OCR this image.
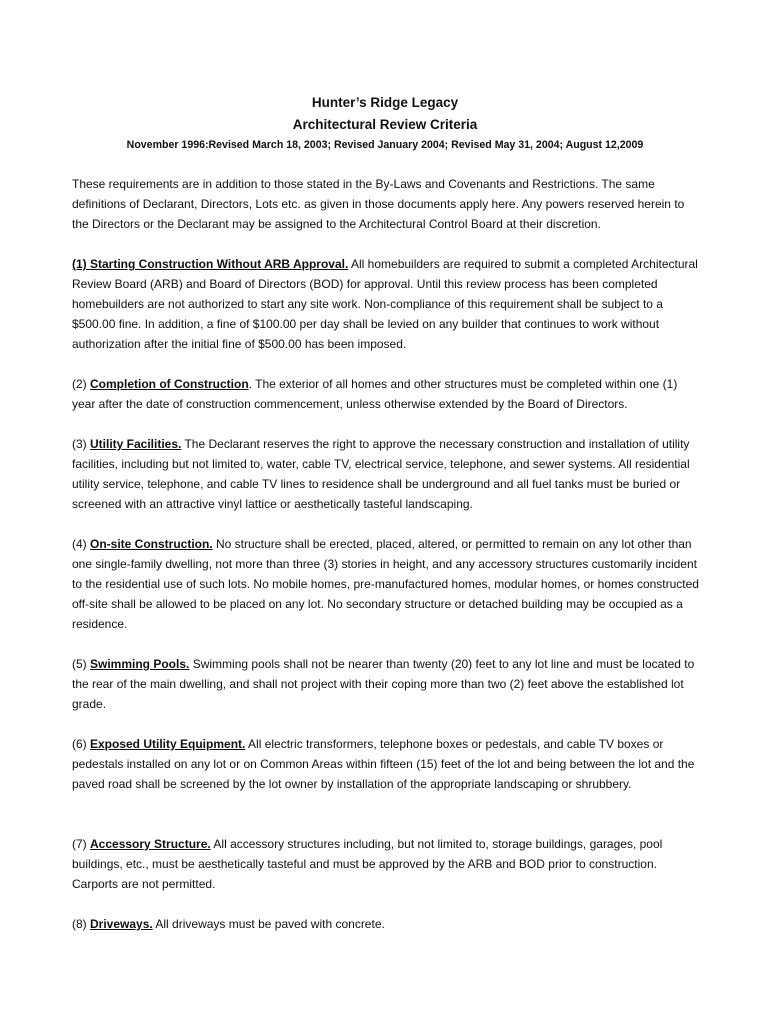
Hunter’s Ridge Legacy
Architectural Review Criteria
November 1996:Revised March 18, 2003; Revised January 2004; Revised May 31, 2004; August 12,2009
These requirements are in addition to those stated in the By-Laws and Covenants and Restrictions. The same definitions of Declarant, Directors, Lots etc. as given in those documents apply here. Any powers reserved herein to the Directors or the Declarant may be assigned to the Architectural Control Board at their discretion.
(1) Starting Construction Without ARB Approval. All homebuilders are required to submit a completed Architectural Review Board (ARB) and Board of Directors (BOD) for approval. Until this review process has been completed homebuilders are not authorized to start any site work. Non-compliance of this requirement shall be subject to a $500.00 fine. In addition, a fine of $100.00 per day shall be levied on any builder that continues to work without authorization after the initial fine of $500.00 has been imposed.
(2) Completion of Construction. The exterior of all homes and other structures must be completed within one (1) year after the date of construction commencement, unless otherwise extended by the Board of Directors.
(3) Utility Facilities. The Declarant reserves the right to approve the necessary construction and installation of utility facilities, including but not limited to, water, cable TV, electrical service, telephone, and sewer systems. All residential utility service, telephone, and cable TV lines to residence shall be underground and all fuel tanks must be buried or screened with an attractive vinyl lattice or aesthetically tasteful landscaping.
(4) On-site Construction. No structure shall be erected, placed, altered, or permitted to remain on any lot other than one single-family dwelling, not more than three (3) stories in height, and any accessory structures customarily incident to the residential use of such lots. No mobile homes, pre-manufactured homes, modular homes, or homes constructed off-site shall be allowed to be placed on any lot. No secondary structure or detached building may be occupied as a residence.
(5) Swimming Pools. Swimming pools shall not be nearer than twenty (20) feet to any lot line and must be located to the rear of the main dwelling, and shall not project with their coping more than two (2) feet above the established lot grade.
(6) Exposed Utility Equipment. All electric transformers, telephone boxes or pedestals, and cable TV boxes or pedestals installed on any lot or on Common Areas within fifteen (15) feet of the lot and being between the lot and the paved road shall be screened by the lot owner by installation of the appropriate landscaping or shrubbery.
(7) Accessory Structure. All accessory structures including, but not limited to, storage buildings, garages, pool buildings, etc., must be aesthetically tasteful and must be approved by the ARB and BOD prior to construction. Carports are not permitted.
(8) Driveways. All driveways must be paved with concrete.
